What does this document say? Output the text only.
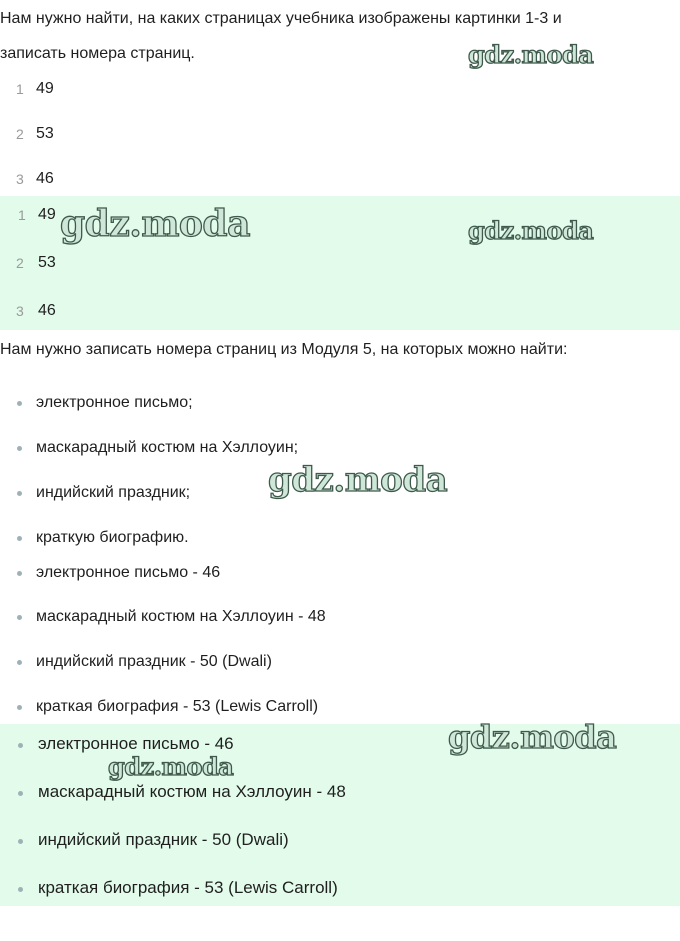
Нам нужно найти, на каких страницах учебника изображены картинки 1-3 и

записать номера страниц.

1 49
2 53
3 46
1 49
2 53
3 46

Нам нужно записать номера страниц из Модуля 5, на которых можно найти:

электронное письмо;
маскарадный костюм на Хэллоуин;
индийский праздник;
краткую биографию.
электронное письмо - 46
маскарадный костюм на Хэллоуин - 48
индийский праздник - 50 (Dwali)
краткая биография - 53 (Lewis Carroll)
электронное письмо - 46
маскарадный костюм на Хэллоуин - 48
индийский праздник - 50 (Dwali)
краткая биография - 53 (Lewis Carroll)
gdz.moda
gdz.moda	gdz.moda
gdz.moda
gdz.moda
gdz.moda
